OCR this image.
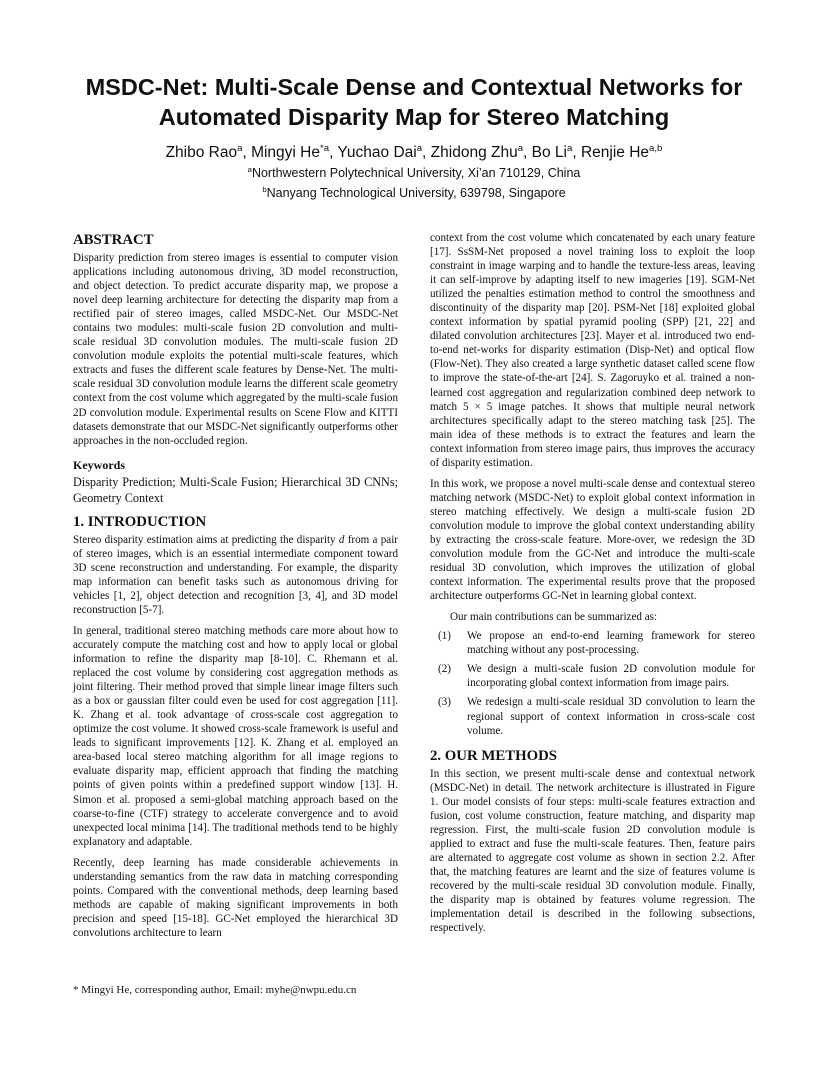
MSDC-Net: Multi-Scale Dense and Contextual Networks for Automated Disparity Map for Stereo Matching
Zhibo Rao$^a$, Mingyi He$^{*a}$, Yuchao Dai$^a$, Zhidong Zhu$^a$, Bo Li$^a$, Renjie He$^{a,b}$
$^a$Northwestern Polytechnical University, Xi’an 710129, China
$^b$Nanyang Technological University, 639798, Singapore
ABSTRACT

Disparity prediction from stereo images is essential to computer vision applications including autonomous driving, 3D model reconstruction, and object detection. To predict accurate disparity map, we propose a novel deep learning architecture for detecting the disparity map from a rectified pair of stereo images, called MSDC-Net. Our MSDC-Net contains two modules: multi-scale fusion 2D convolution and multi-scale residual 3D convolution modules. The multi-scale fusion 2D convolution module exploits the potential multi-scale features, which extracts and fuses the different scale features by Dense-Net. The multi-scale residual 3D convolution module learns the different scale geometry context from the cost volume which aggregated by the multi-scale fusion 2D convolution module. Experimental results on Scene Flow and KITTI datasets demonstrate that our MSDC-Net significantly outperforms other approaches in the non-occluded region.

Keywords

Disparity Prediction; Multi-Scale Fusion; Hierarchical 3D CNNs; Geometry Context

1. INTRODUCTION

Stereo disparity estimation aims at predicting the disparity d from a pair of stereo images, which is an essential intermediate component toward 3D scene reconstruction and understanding. For example, the disparity map information can benefit tasks such as autonomous driving for vehicles [1, 2], object detection and recognition [3, 4], and 3D model reconstruction [5-7].

In general, traditional stereo matching methods care more about how to accurately compute the matching cost and how to apply local or global information to refine the disparity map [8-10]. C. Rhemann et al. replaced the cost volume by considering cost aggregation methods as joint filtering. Their method proved that simple linear image filters such as a box or gaussian filter could even be used for cost aggregation [11]. K. Zhang et al. took advantage of cross-scale cost aggregation to optimize the cost volume. It showed cross-scale framework is useful and leads to significant improvements [12]. K. Zhang et al. employed an area-based local stereo matching algorithm for all image regions to evaluate disparity map, efficient approach that finding the matching points of given points within a predefined support window [13]. H. Simon et al. proposed a semi-global matching approach based on the coarse-to-fine (CTF) strategy to accelerate convergence and to avoid unexpected local minima [14]. The traditional methods tend to be highly explanatory and adaptable.

Recently, deep learning has made considerable achievements in understanding semantics from the raw data in matching corresponding points. Compared with the conventional methods, deep learning based methods are capable of making significant improvements in both precision and speed [15-18]. GC-Net employed the hierarchical 3D convolutions architecture to learn

context from the cost volume which concatenated by each unary feature [17]. SsSM-Net proposed a novel training loss to exploit the loop constraint in image warping and to handle the texture-less areas, leaving it can self-improve by adapting itself to new imageries [19]. SGM-Net utilized the penalties estimation method to control the smoothness and discontinuity of the disparity map [20]. PSM-Net [18] exploited global context information by spatial pyramid pooling (SPP) [21, 22] and dilated convolution architectures [23]. Mayer et al. introduced two end-to-end net-works for disparity estimation (Disp-Net) and optical flow (Flow-Net). They also created a large synthetic dataset called scene flow to improve the state-of-the-art [24]. S. Zagoruyko et al. trained a non-learned cost aggregation and regularization combined deep network to match 5 × 5 image patches. It shows that multiple neural network architectures specifically adapt to the stereo matching task [25]. The main idea of these methods is to extract the features and learn the context information from stereo image pairs, thus improves the accuracy of disparity estimation.

In this work, we propose a novel multi-scale dense and contextual stereo matching network (MSDC-Net) to exploit global context information in stereo matching effectively. We design a multi-scale fusion 2D convolution module to improve the global context understanding ability by extracting the cross-scale feature. More-over, we redesign the 3D convolution module from the GC-Net and introduce the multi-scale residual 3D convolution, which improves the utilization of global context information. The experimental results prove that the proposed architecture outperforms GC-Net in learning global context.

Our main contributions can be summarized as:

(1) We propose an end-to-end learning framework for stereo matching without any post-processing.
(2) We design a multi-scale fusion 2D convolution module for incorporating global context information from image pairs.
(3) We redesign a multi-scale residual 3D convolution to learn the regional support of context information in cross-scale cost volume.
2. OUR METHODS

In this section, we present multi-scale dense and contextual network (MSDC-Net) in detail. The network architecture is illustrated in Figure 1. Our model consists of four steps: multi-scale features extraction and fusion, cost volume construction, feature matching, and disparity map regression. First, the multi-scale fusion 2D convolution module is applied to extract and fuse the multi-scale features. Then, feature pairs are alternated to aggregate cost volume as shown in section 2.2. After that, the matching features are learnt and the size of features volume is recovered by the multi-scale residual 3D convolution module. Finally, the disparity map is obtained by features volume regression. The implementation detail is described in the following subsections, respectively.

* Mingyi He, corresponding author, Email: myhe@nwpu.edu.cn
